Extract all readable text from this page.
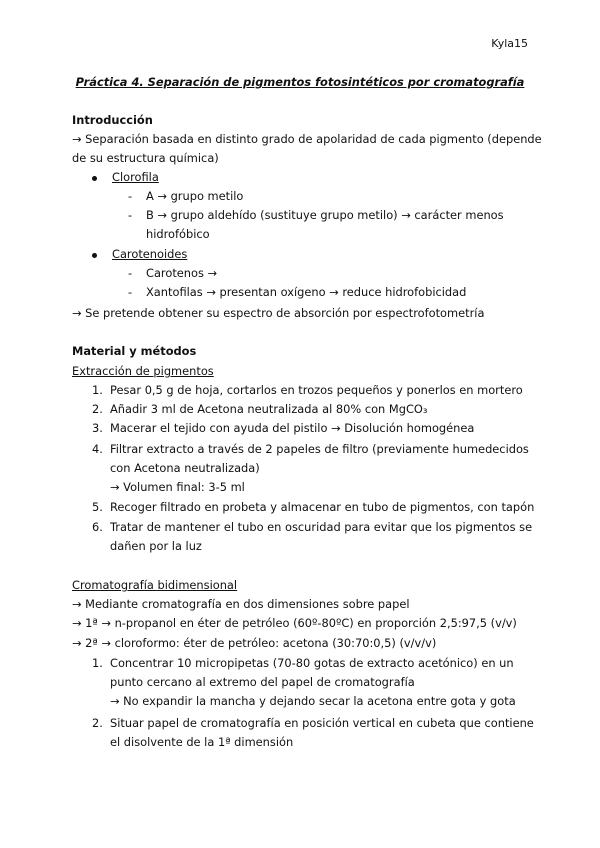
Kyla15
Práctica 4. Separación de pigmentos fotosintéticos por cromatografía
Introducción
→ Separación basada en distinto grado de apolaridad de cada pigmento (depende
de su estructura química)
Clorofila
- A → grupo metilo
- B → grupo aldehído (sustituye grupo metilo) → carácter menos
hidrofóbico
Carotenoides
- Carotenos →
- Xantofilas → presentan oxígeno → reduce hidrofobicidad
→ Se pretende obtener su espectro de absorción por espectrofotometría
Material y métodos
Extracción de pigmentos
1. Pesar 0,5 g de hoja, cortarlos en trozos pequeños y ponerlos en mortero
2. Añadir 3 ml de Acetona neutralizada al 80% con MgCO₃
3. Macerar el tejido con ayuda del pistilo → Disolución homogénea
4. Filtrar extracto a través de 2 papeles de filtro (previamente humedecidos
con Acetona neutralizada)
→ Volumen final: 3-5 ml
5. Recoger filtrado en probeta y almacenar en tubo de pigmentos, con tapón
6. Tratar de mantener el tubo en oscuridad para evitar que los pigmentos se
dañen por la luz
Cromatografía bidimensional
→ Mediante cromatografía en dos dimensiones sobre papel
→ 1ª → n-propanol en éter de petróleo (60º-80ºC) en proporción 2,5:97,5 (v/v)
→ 2ª → cloroformo: éter de petróleo: acetona (30:70:0,5) (v/v/v)
1. Concentrar 10 micropipetas (70-80 gotas de extracto acetónico) en un
punto cercano al extremo del papel de cromatografía
→ No expandir la mancha y dejando secar la acetona entre gota y gota
2. Situar papel de cromatografía en posición vertical en cubeta que contiene
el disolvente de la 1ª dimensión
